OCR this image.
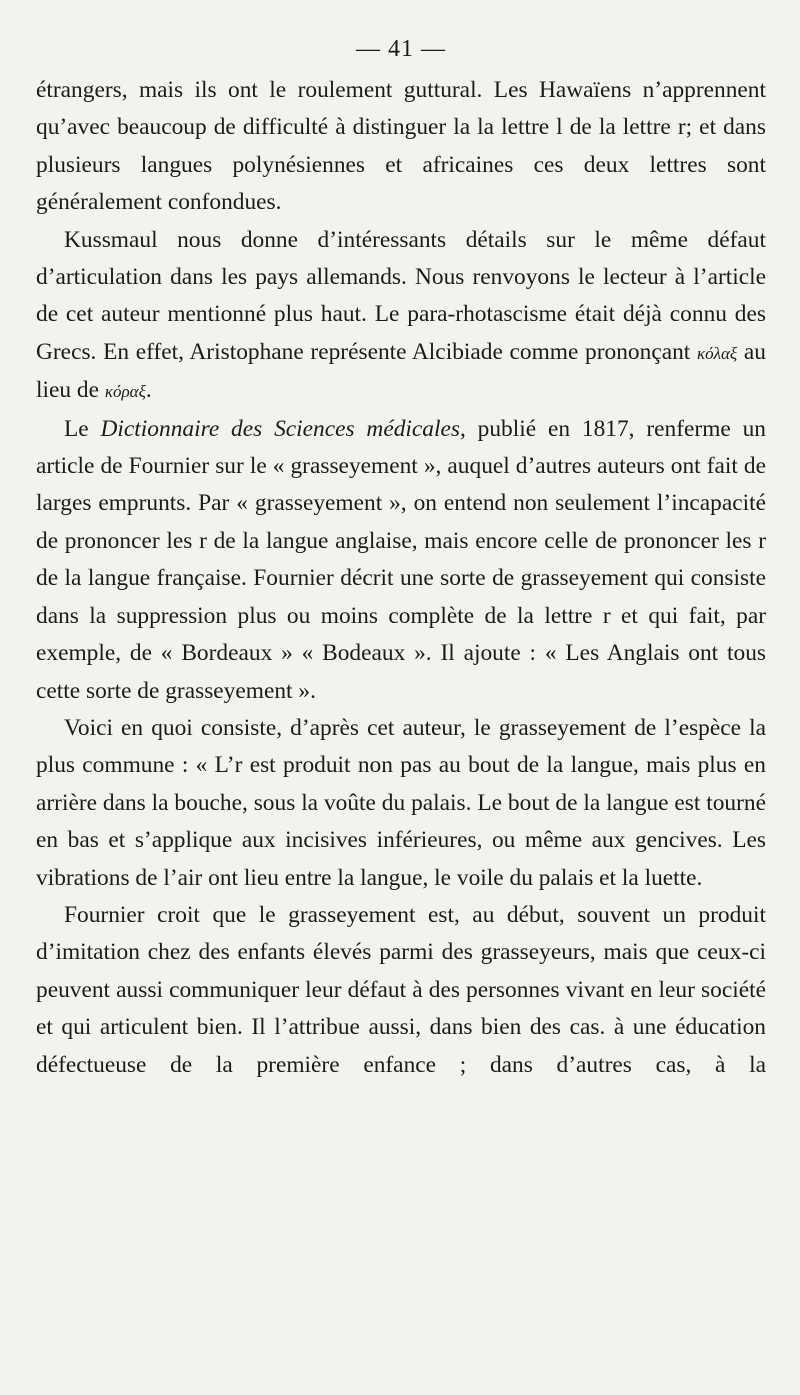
— 41 —

étrangers, mais ils ont le roulement guttural. Les Hawaïens n’apprennent qu’avec beaucoup de difficulté à distinguer la la lettre l de la lettre r; et dans plusieurs langues polynésiennes et africaines ces deux lettres sont généralement confondues.

Kussmaul nous donne d’intéressants détails sur le même défaut d’articulation dans les pays allemands. Nous renvoyons le lecteur à l’article de cet auteur mentionné plus haut. Le para-rhotascisme était déjà connu des Grecs. En effet, Aristophane représente Alcibiade comme prononçant κόλαξ au lieu de κόραξ.

Le Dictionnaire des Sciences médicales, publié en 1817, renferme un article de Fournier sur le « grasseyement », auquel d’autres auteurs ont fait de larges emprunts. Par « grasseyement », on entend non seulement l’incapacité de prononcer les r de la langue anglaise, mais encore celle de prononcer les r de la langue française. Fournier décrit une sorte de grasseyement qui consiste dans la suppression plus ou moins complète de la lettre r et qui fait, par exemple, de « Bordeaux » « Bodeaux ». Il ajoute : « Les Anglais ont tous cette sorte de grasseyement ».

Voici en quoi consiste, d’après cet auteur, le grasseyement de l’espèce la plus commune : « L’r est produit non pas au bout de la langue, mais plus en arrière dans la bouche, sous la voûte du palais. Le bout de la langue est tourné en bas et s’applique aux incisives inférieures, ou même aux gencives. Les vibrations de l’air ont lieu entre la langue, le voile du palais et la luette.

Fournier croit que le grasseyement est, au début, souvent un produit d’imitation chez des enfants élevés parmi des grasseyeurs, mais que ceux-ci peuvent aussi communiquer leur défaut à des personnes vivant en leur société et qui articulent bien. Il l’attribue aussi, dans bien des cas. à une éducation défectueuse de la première enfance ; dans d’autres cas, à la
